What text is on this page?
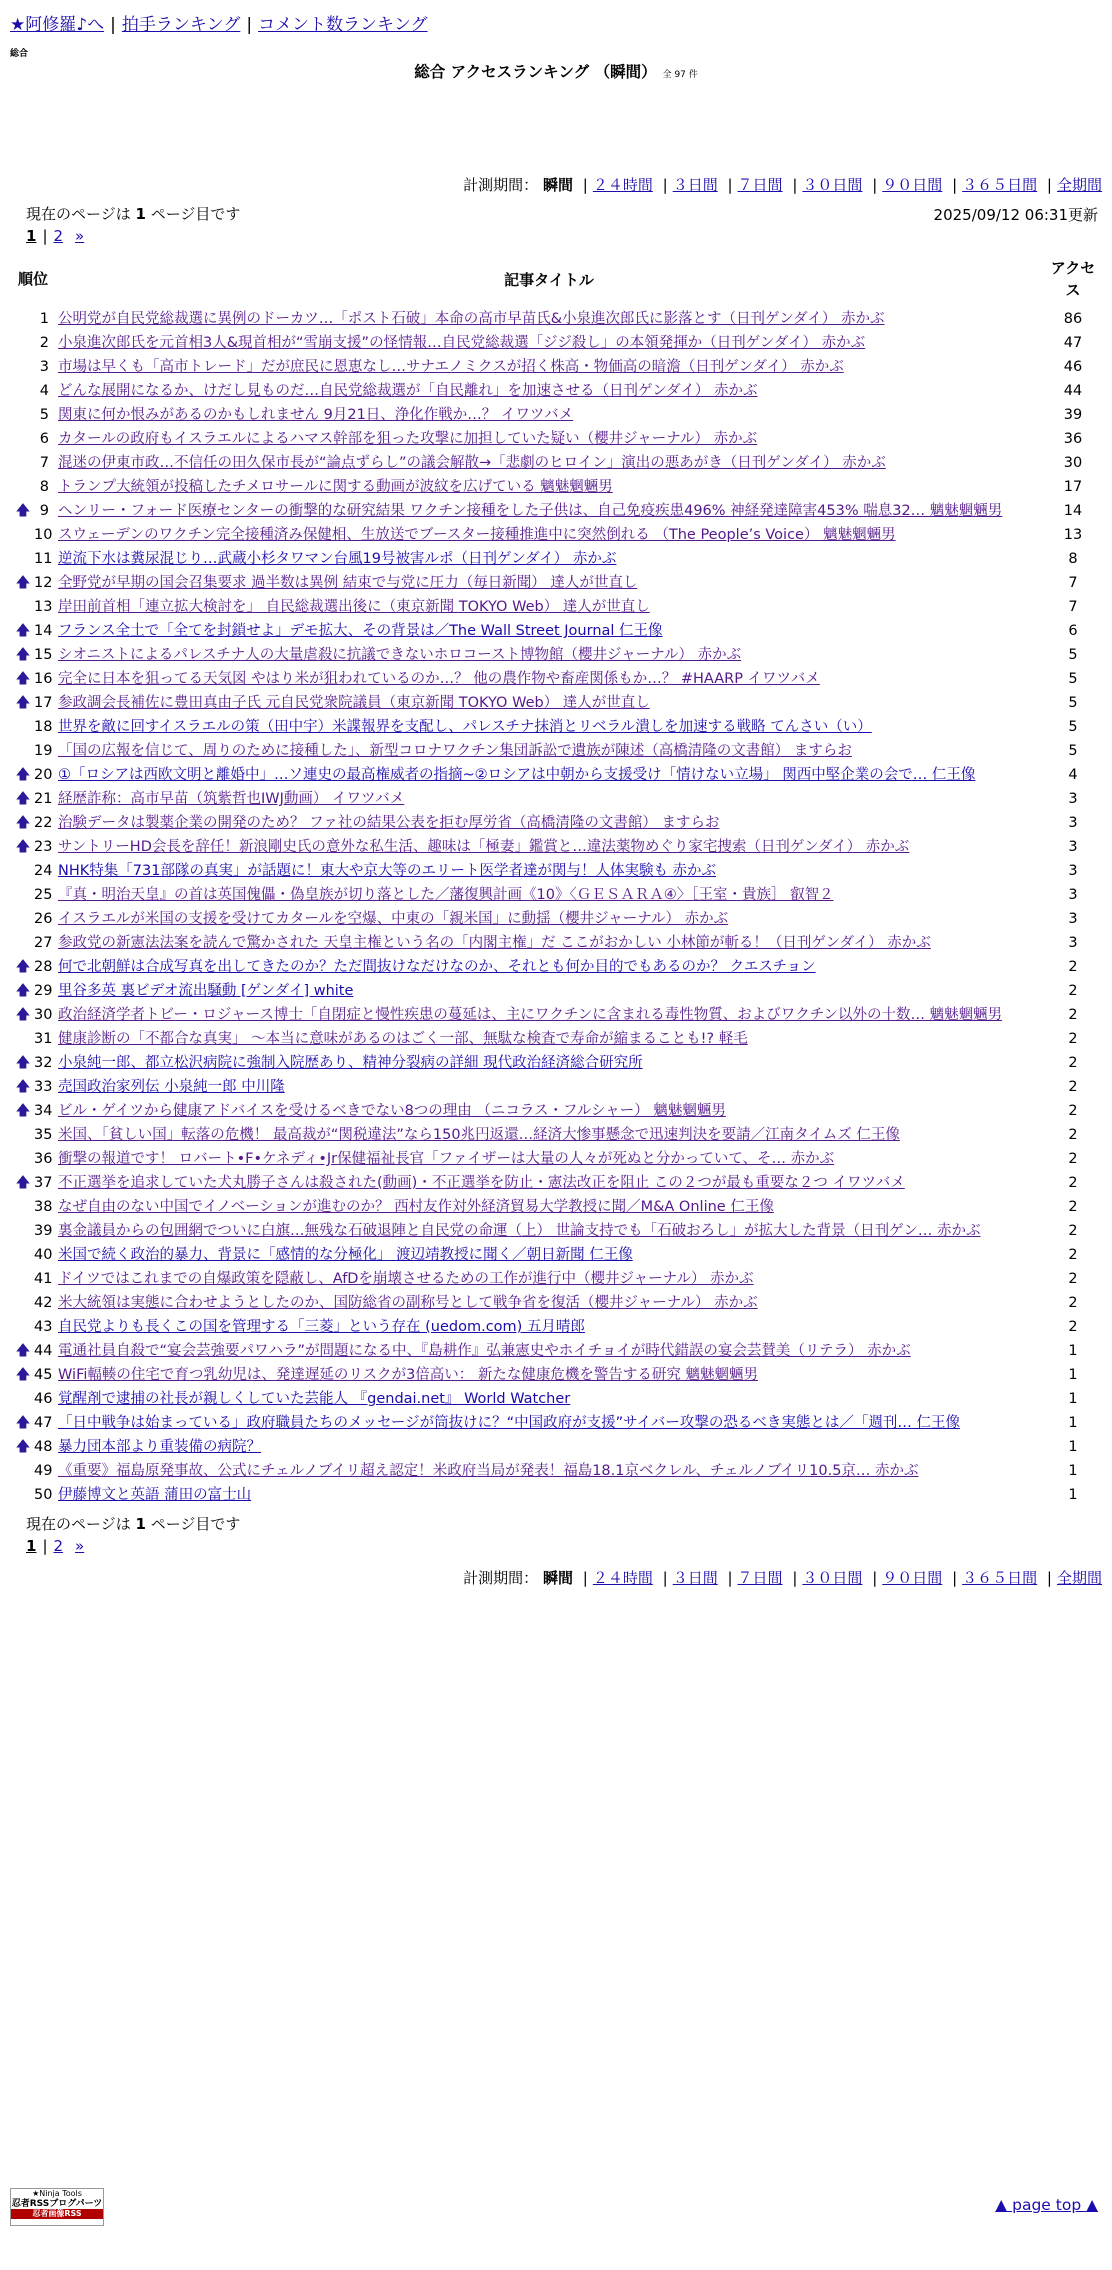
★阿修羅♪へ | 拍手ランキング | コメント数ランキング
総合
総合 アクセスランキング （瞬間） 全 97 件
計測期間： 瞬間 | ２４時間 | ３日間 | ７日間 | ３０日間 | ９０日間 | ３６５日間 | 全期間
現在のページは 1 ページ目です	2025/09/12 06:31更新
1 | 2 »
順位		記事タイトル	アクセス
	1	公明党が自民党総裁選に異例のドーカツ…「ポスト石破」本命の高市早苗氏&小泉進次郎氏に影落とす（日刊ゲンダイ） 赤かぶ	86
	2	小泉進次郎氏を元首相3人&現首相が“雪崩支援”の怪情報…自民党総裁選「ジジ殺し」の本領発揮か（日刊ゲンダイ） 赤かぶ	47
	3	市場は早くも「高市トレード」だが庶民に恩恵なし…サナエノミクスが招く株高・物価高の暗澹（日刊ゲンダイ） 赤かぶ	46
	4	どんな展開になるか、けだし見ものだ…自民党総裁選が「自民離れ」を加速させる（日刊ゲンダイ） 赤かぶ	44
	5	関東に何か恨みがあるのかもしれません 9月21日、浄化作戦か…？ イワツバメ	39
	6	カタールの政府もイスラエルによるハマス幹部を狙った攻撃に加担していた疑い（櫻井ジャーナル） 赤かぶ	36
	7	混迷の伊東市政…不信任の田久保市長が“論点ずらし”の議会解散→「悲劇のヒロイン」演出の悪あがき（日刊ゲンダイ） 赤かぶ	30
	8	トランプ大統領が投稿したチメロサールに関する動画が波紋を広げている 魑魅魍魎男	17
🡅	9	ヘンリー・フォード医療センターの衝撃的な研究結果 ワクチン接種をした子供は、自己免疫疾患496% 神経発達障害453% 喘息32… 魑魅魍魎男	14
	10	スウェーデンのワクチン完全接種済み保健相、生放送でブースター接種推進中に突然倒れる （The People’s Voice） 魑魅魍魎男	13
	11	逆流下水は糞尿混じり…武蔵小杉タワマン台風19号被害ルポ（日刊ゲンダイ） 赤かぶ	8
🡅	12	全野党が早期の国会召集要求 過半数は異例 結束で与党に圧力（毎日新聞） 達人が世直し	7
	13	岸田前首相「連立拡大検討を」 自民総裁選出後に（東京新聞 TOKYO Web） 達人が世直し	7
🡅	14	フランス全土で「全てを封鎖せよ」デモ拡大、その背景は／The Wall Street Journal 仁王像	6
🡅	15	シオニストによるパレスチナ人の大量虐殺に抗議できないホロコースト博物館（櫻井ジャーナル） 赤かぶ	5
🡅	16	完全に日本を狙ってる天気図 やはり米が狙われているのか…？ 他の農作物や畜産関係もか…？ #HAARP イワツバメ	5
🡅	17	参政調会長補佐に豊田真由子氏 元自民党衆院議員（東京新聞 TOKYO Web） 達人が世直し	5
	18	世界を敵に回すイスラエルの策（田中宇）米諜報界を支配し、パレスチナ抹消とリベラル潰しを加速する戦略 てんさい（い）	5
	19	「国の広報を信じて、周りのために接種した」、新型コロナワクチン集団訴訟で遺族が陳述（高橋清隆の文書館） ますらお	5
🡅	20	①「ロシアは西欧文明と離婚中」…ソ連史の最高権威者の指摘~②ロシアは中朝から支援受け「情けない立場」 関西中堅企業の会で… 仁王像	4
🡅	21	経歴詐称：高市早苗（筑紫哲也IWJ動画） イワツバメ	3
🡅	22	治験データは製薬企業の開発のため？ ファ社の結果公表を拒む厚労省（高橋清隆の文書館） ますらお	3
🡅	23	サントリーHD会長を辞任！新浪剛史氏の意外な私生活、趣味は「極妻」鑑賞と…違法薬物めぐり家宅捜索（日刊ゲンダイ） 赤かぶ	3
	24	NHK特集「731部隊の真実」が話題に！東大や京大等のエリート医学者達が関与！人体実験も 赤かぶ	3
	25	『真・明治天皇』の首は英国傀儡・偽皇族が切り落とした／藩復興計画《10》〈ＧＥＳＡＲＡ④〉［王室・貴族］ 叡智２	3
	26	イスラエルが米国の支援を受けてカタールを空爆、中東の「親米国」に動揺（櫻井ジャーナル） 赤かぶ	3
	27	参政党の新憲法法案を読んで驚かされた 天皇主権という名の「内閣主権」だ ここがおかしい 小林節が斬る！（日刊ゲンダイ） 赤かぶ	3
🡅	28	何で北朝鮮は合成写真を出してきたのか？ただ間抜けなだけなのか、それとも何か目的でもあるのか？ クエスチョン	2
🡅	29	里谷多英 裏ビデオ流出騒動 [ゲンダイ] white	2
🡅	30	政治経済学者トビー・ロジャース博士「自閉症と慢性疾患の蔓延は、主にワクチンに含まれる毒性物質、およびワクチン以外の十数… 魑魅魍魎男	2
	31	健康診断の「不都合な真実」 ～本当に意味があるのはごく一部、無駄な検査で寿命が縮まることも!? 軽毛	2
🡅	32	小泉純一郎、都立松沢病院に強制入院歴あり、精神分裂病の詳細 現代政治経済総合研究所	2
🡅	33	売国政治家列伝 小泉純一郎 中川隆	2
🡅	34	ビル・ゲイツから健康アドバイスを受けるべきでない8つの理由 （ニコラス・フルシャー） 魑魅魍魎男	2
	35	米国、「貧しい国」転落の危機！ 最高裁が“関税違法”なら150兆円返還…経済大惨事懸念で迅速判決を要請／江南タイムズ 仁王像	2
	36	衝撃の報道です！ ロバート•F•ケネディ•Jr保健福祉長官「ファイザーは大量の人々が死ぬと分かっていて、そ… 赤かぶ	2
🡅	37	不正選挙を追求していた犬丸勝子さんは殺された(動画)・不正選挙を防止・憲法改正を阻止 この２つが最も重要な２つ イワツバメ	2
	38	なぜ自由のない中国でイノベーションが進むのか？ 西村友作対外経済貿易大学教授に聞／M&A Online 仁王像	2
	39	裏金議員からの包囲網でついに白旗…無残な石破退陣と自民党の命運（上） 世論支持でも「石破おろし」が拡大した背景（日刊ゲン… 赤かぶ	2
	40	米国で続く政治的暴力、背景に「感情的な分極化」 渡辺靖教授に聞く／朝日新聞 仁王像	2
	41	ドイツではこれまでの自爆政策を隠蔽し、AfDを崩壊させるための工作が進行中（櫻井ジャーナル） 赤かぶ	2
	42	米大統領は実態に合わせようとしたのか、国防総省の副称号として戦争省を復活（櫻井ジャーナル） 赤かぶ	2
	43	自民党よりも長くこの国を管理する「三菱」という存在 (uedom.com) 五月晴郎	2
🡅	44	電通社員自殺で“宴会芸強要パワハラ”が問題になる中、『島耕作』弘兼憲史やホイチョイが時代錯誤の宴会芸賛美（リテラ） 赤かぶ	1
🡅	45	WiFi輻輳の住宅で育つ乳幼児は、発達遅延のリスクが3倍高い： 新たな健康危機を警告する研究 魑魅魍魎男	1
	46	覚醒剤で逮捕の社長が親しくしていた芸能人 『gendai.net』 World Watcher	1
🡅	47	「日中戦争は始まっている」政府職員たちのメッセージが筒抜けに？“中国政府が支援”サイバー攻撃の恐るべき実態とは／「週刊… 仁王像	1
🡅	48	暴力団本部より重装備の病院？	1
	49	《重要》福島原発事故、公式にチェルノブイリ超え認定！米政府当局が発表！福島18.1京ベクレル、チェルノブイリ10.5京… 赤かぶ	1
	50	伊藤博文と英語 蒲田の富士山	1
現在のページは 1 ページ目です
1 | 2 »
計測期間： 瞬間 | ２４時間 | ３日間 | ７日間 | ３０日間 | ９０日間 | ３６５日間 | 全期間
★Ninja Tools
忍者RSSブログパーツ
忍者画像RSS	▲ page top ▲
